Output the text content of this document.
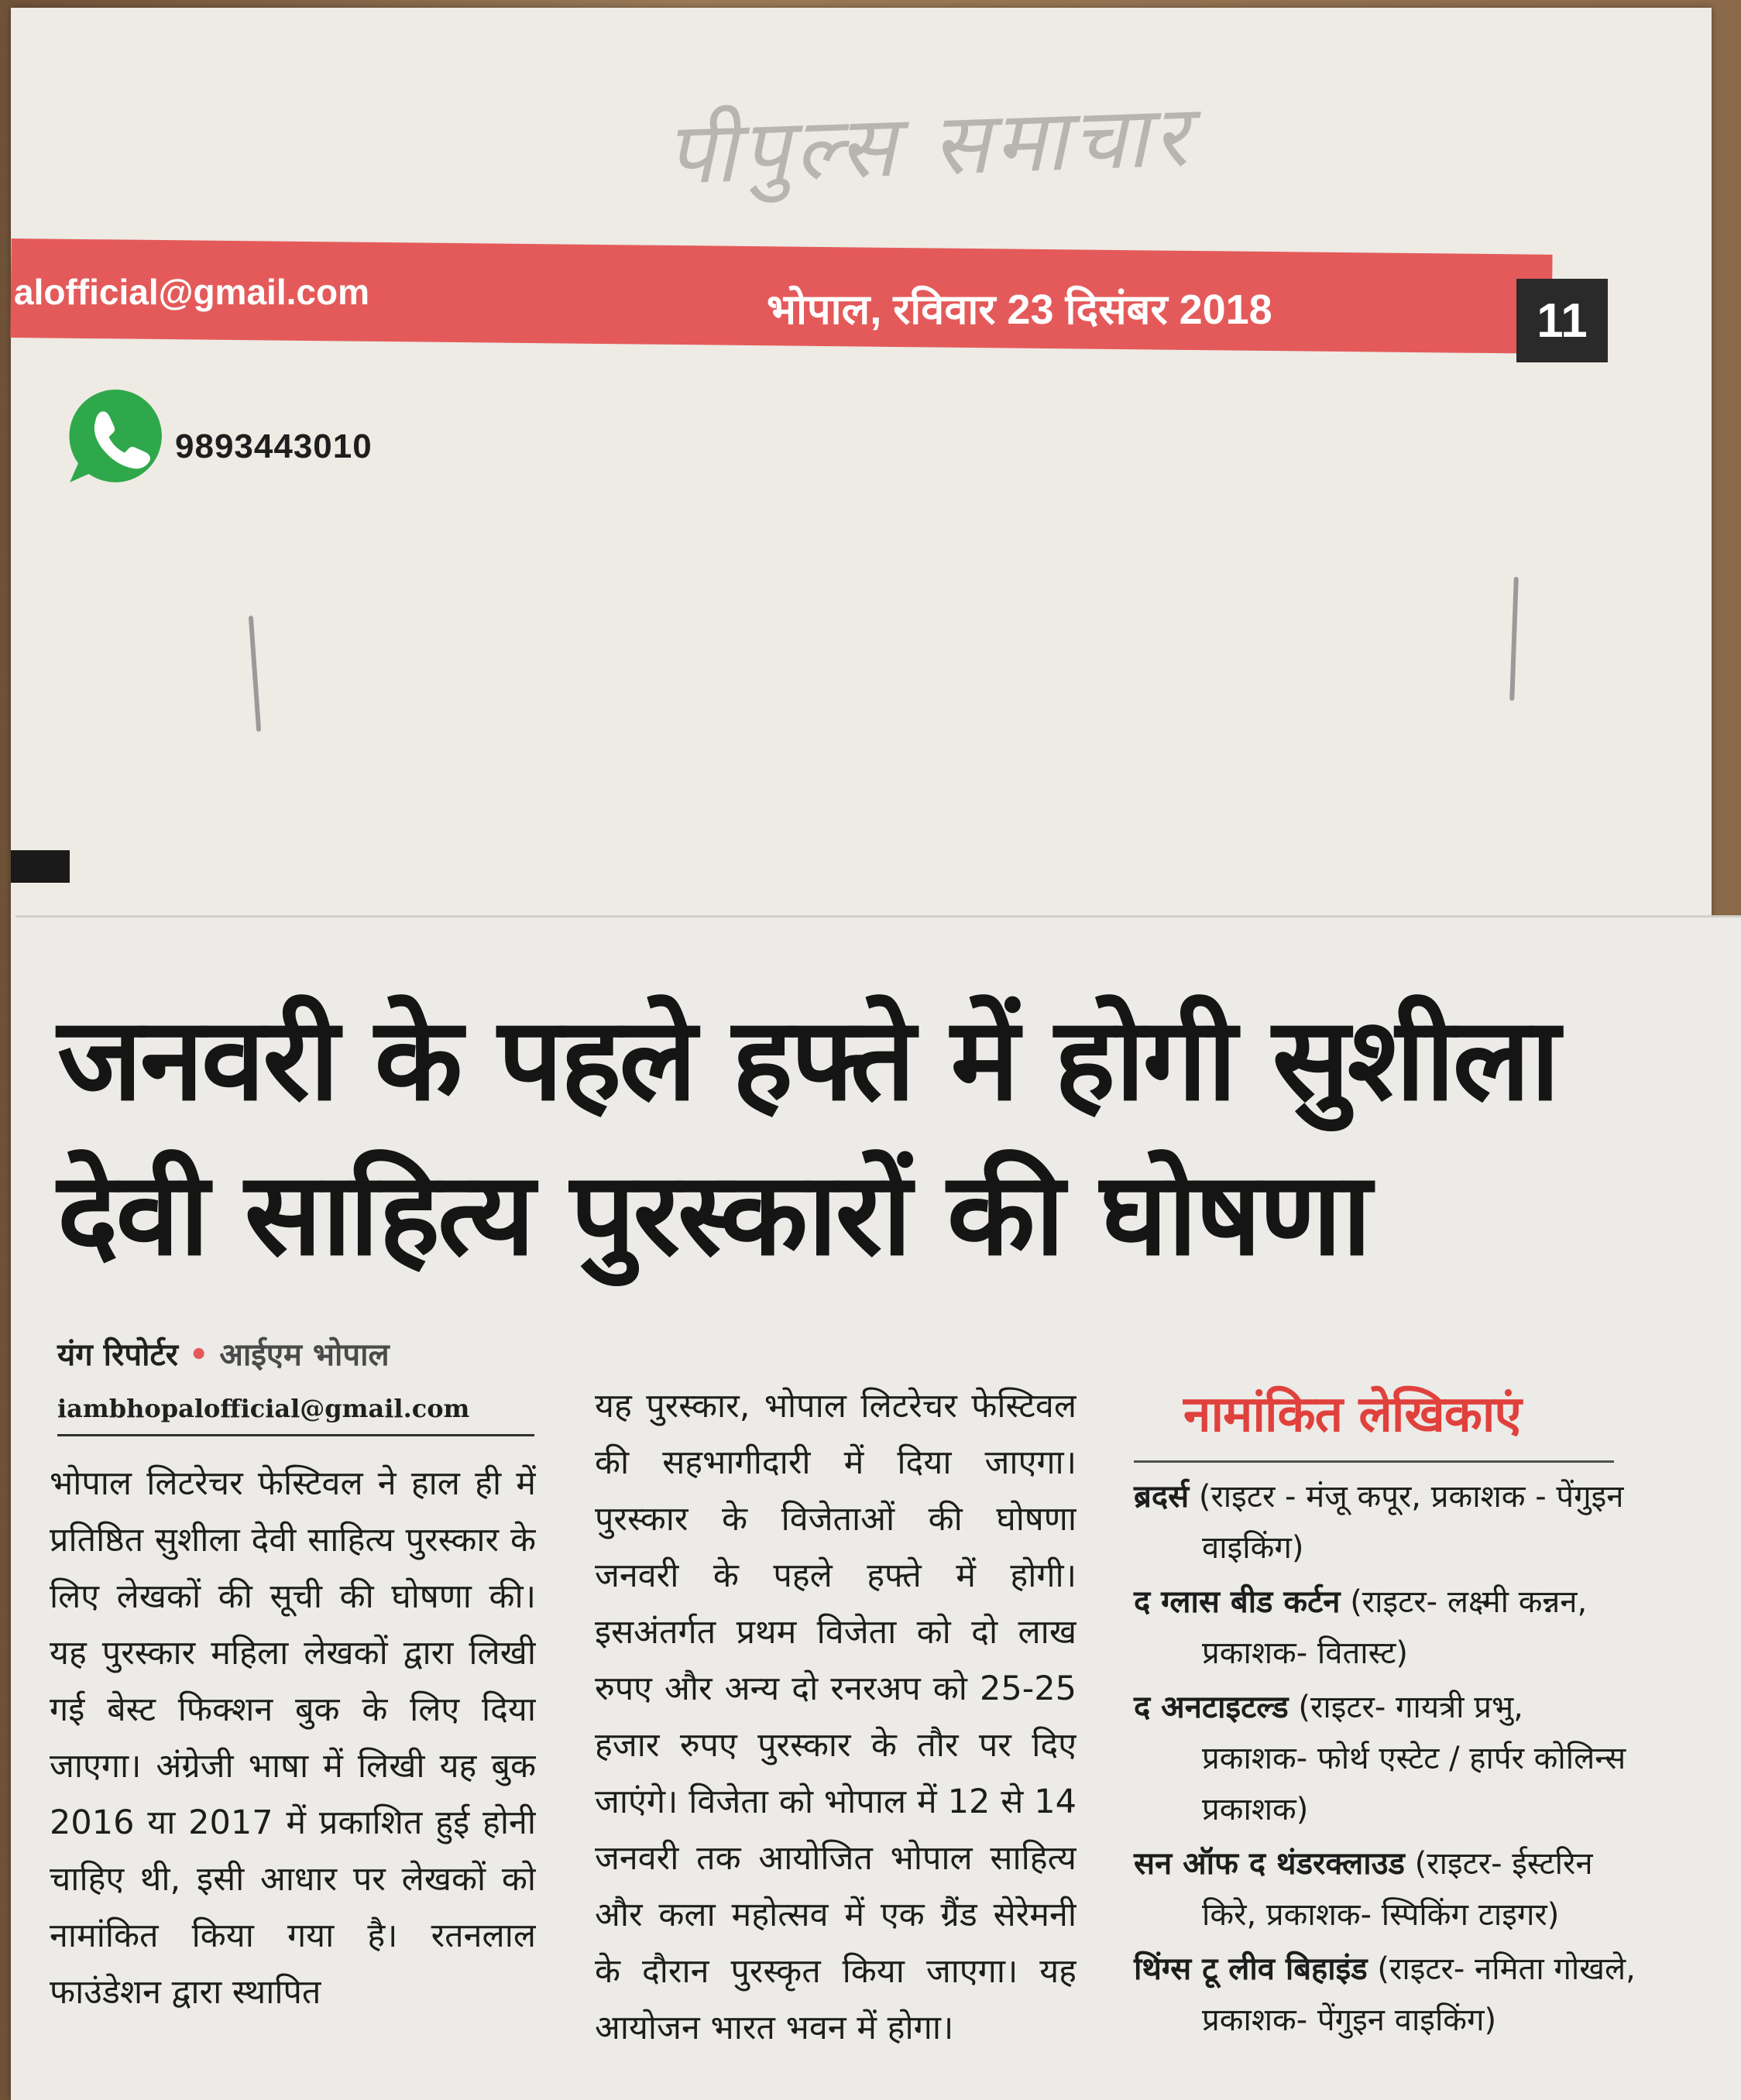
पीपुल्स समाचार
alofficial@gmail.com	भोपाल, रविवार 23 दिसंबर 2018	11
9893443010
जनवरी के पहले हफ्ते में होगी सुशीला देवी साहित्य पुरस्कारों की घोषणा
यंग रिपोर्टर • आईएम भोपाल
iambhopalofficial@gmail.com

भोपाल लिटरेचर फेस्टिवल ने हाल ही में प्रतिष्ठित सुशीला देवी साहित्य पुरस्कार के लिए लेखकों की सूची की घोषणा की। यह पुरस्कार महिला लेखकों द्वारा लिखी गई बेस्ट फिक्शन बुक के लिए दिया जाएगा। अंग्रेजी भाषा में लिखी यह बुक 2016 या 2017 में प्रकाशित हुई होनी चाहिए थी, इसी आधार पर लेखकों को नामांकित किया गया है। रतनलाल फाउंडेशन द्वारा स्थापित

यह पुरस्कार, भोपाल लिटरेचर फेस्टिवल की सहभागीदारी में दिया जाएगा। पुरस्कार के विजेताओं की घोषणा जनवरी के पहले हफ्ते में होगी। इसअंतर्गत प्रथम विजेता को दो लाख रुपए और अन्य दो रनरअप को 25-25 हजार रुपए पुरस्कार के तौर पर दिए जाएंगे। विजेता को भोपाल में 12 से 14 जनवरी तक आयोजित भोपाल साहित्य और कला महोत्सव में एक ग्रैंड सेरेमनी के दौरान पुरस्कृत किया जाएगा। यह आयोजन भारत भवन में होगा।

नामांकित लेखिकाएं
ब्रदर्स (राइटर - मंजू कपूर, प्रकाशक - पेंगुइन वाइकिंग)
द ग्लास बीड कर्टन (राइटर- लक्ष्मी कन्नन, प्रकाशक- वितास्ट)
द अनटाइटल्ड (राइटर- गायत्री प्रभु, प्रकाशक- फोर्थ एस्टेट / हार्पर कोलिन्स प्रकाशक)
सन ऑफ द थंडरक्लाउड (राइटर- ईस्टरिन किरे, प्रकाशक- स्पिकिंग टाइगर)
थिंग्स टू लीव बिहाइंड (राइटर- नमिता गोखले, प्रकाशक- पेंगुइन वाइकिंग)
